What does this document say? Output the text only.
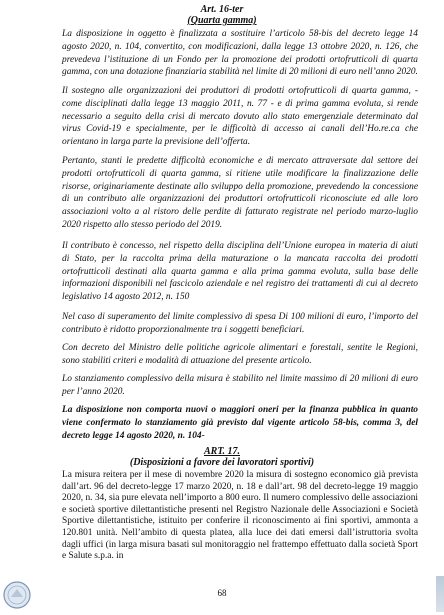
Art. 16-ter
(Quarta gamma)

La disposizione in oggetto è finalizzata a sostituire l’articolo 58-bis del decreto legge 14 agosto 2020, n. 104, convertito, con modificazioni, dalla legge 13 ottobre 2020, n. 126, che prevedeva l’istituzione di un Fondo per la promozione dei prodotti ortofrutticoli di quarta gamma, con una dotazione finanziaria stabilità nel limite di 20 milioni di euro nell’anno 2020.

Il sostegno alle organizzazioni dei produttori di prodotti ortofrutticoli di quarta gamma, - come disciplinati dalla legge 13 maggio 2011, n. 77 - e di prima gamma evoluta, si rende necessario a seguito della crisi di mercato dovuto allo stato emergenziale determinato dal virus Covid-19 e specialmente, per le difficoltà di accesso ai canali dell’Ho.re.ca che orientano in larga parte la previsione dell’offerta.

Pertanto, stanti le predette difficoltà economiche e di mercato attraversate dal settore dei prodotti ortofrutticoli di quarta gamma, si ritiene utile modificare la finalizzazione delle risorse, originariamente destinate allo sviluppo della promozione, prevedendo la concessione di un contributo alle organizzazioni dei produttori ortofrutticoli riconosciute ed alle loro associazioni volto a al ristoro delle perdite di fatturato registrate nel periodo marzo-luglio 2020 rispetto allo stesso periodo del 2019.

Il contributo è concesso, nel rispetto della disciplina dell’Unione europea in materia di aiuti di Stato, per la raccolta prima della maturazione o la mancata raccolta dei prodotti ortofrutticoli destinati alla quarta gamma e alla prima gamma evoluta, sulla base delle informazioni disponibili nel fascicolo aziendale e nel registro dei trattamenti di cui al decreto legislativo 14 agosto 2012, n. 150

Nel caso di superamento del limite complessivo di spesa Di 100 milioni di euro, l’importo del contributo è ridotto proporzionalmente tra i soggetti beneficiari.

Con decreto del Ministro delle politiche agricole alimentari e forestali, sentite le Regioni, sono stabiliti criteri e modalità di attuazione del presente articolo.

Lo stanziamento complessivo della misura è stabilito nel limite massimo di 20 milioni di euro per l’anno 2020.

La disposizione non comporta nuovi o maggiori oneri per la finanza pubblica in quanto viene confermato lo stanziamento già previsto dal vigente articolo 58-bis, comma 3, del decreto legge 14 agosto 2020, n. 104-

ART. 17.
(Disposizioni a favore dei lavoratori sportivi)

La misura reitera per il mese di novembre 2020 la misura di sostegno economico già prevista dall’art. 96 del decreto-legge 17 marzo 2020, n. 18 e dall’art. 98 del decreto-legge 19 maggio 2020, n. 34, sia pure elevata nell’importo a 800 euro. Il numero complessivo delle associazioni e società sportive dilettantistiche presenti nel Registro Nazionale delle Associazioni e Società Sportive dilettantistiche, istituito per conferire il riconoscimento ai fini sportivi, ammonta a 120.801 unità. Nell’ambito di questa platea, alla luce dei dati emersi dall’istruttoria svolta dagli uffici (in larga misura basati sul monitoraggio nel frattempo effettuato dalla società Sport e Salute s.p.a. in

68
